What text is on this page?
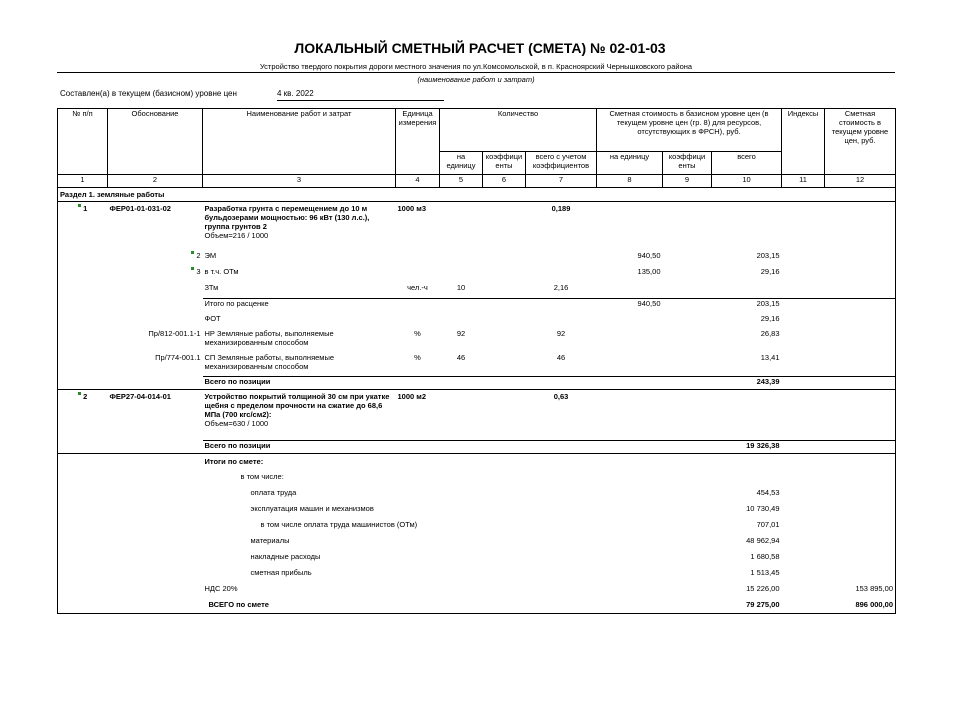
ЛОКАЛЬНЫЙ СМЕТНЫЙ РАСЧЕТ (СМЕТА) № 02-01-03
Устройство твердого покрытия дороги местного значения по ул.Комсомольской, в п. Красноярский Чернышковского района
(наименование работ и затрат)
Составлен(а) в текущем (базисном) уровне цен	4 кв. 2022
№ п/п	Обоснование	Наименование работ и затрат	Единица измерения	Количество			Сметная стоимость в базисном уровне цен (в текущем уровне цен (гр. 8) для ресурсов, отсутствующих в ФРСН), руб.			Индексы	Сметная стоимость в текущем уровне цен, руб.
				на единицу	коэффици енты	всего с учетом коэффициентов	на единицу	коэффици енты	всего		
1	2	3	4	5	6	7	8	9	10	11	12
Раздел 1. земляные работы											
1	ФЕР01-01-031-02	Разработка грунта с перемещением до 10 м бульдозерами мощностью: 96 кВт (130 л.с.), группа грунтов 2
Объем=216 / 1000	1000 м3			0,189					
	2	ЭМ					940,50		203,15		
	3	в т.ч. ОТм					135,00		29,16		
		ЗТм	чел.-ч	10		2,16					
		Итого по расценке					940,50		203,15		
		ФОТ							29,16		
	Пр/812-001.1-1	НР Земляные работы, выполняемые механизированным способом	%	92		92			26,83		
	Пр/774-001.1	СП Земляные работы, выполняемые механизированным способом	%	46		46			13,41		
		Всего по позиции							243,39		
2	ФЕР27-04-014-01	Устройство покрытий толщиной 30 см при укатке щебня с пределом прочности на сжатие до 68,6 МПа (700 кгс/см2):
Объем=630 / 1000	1000 м2			0,63					
		Всего по позиции							19 326,38		
		Итоги по смете:									
		в том числе:									
		оплата труда							454,53		
		эксплуатация машин и механизмов							10 730,49		
		в том числе оплата труда машинистов (ОТм)							707,01		
		материалы							48 962,94		
		накладные расходы							1 680,58		
		сметная прибыль							1 513,45		
		НДС 20%							15 226,00		153 895,00
		ВСЕГО по смете							79 275,00		896 000,00
